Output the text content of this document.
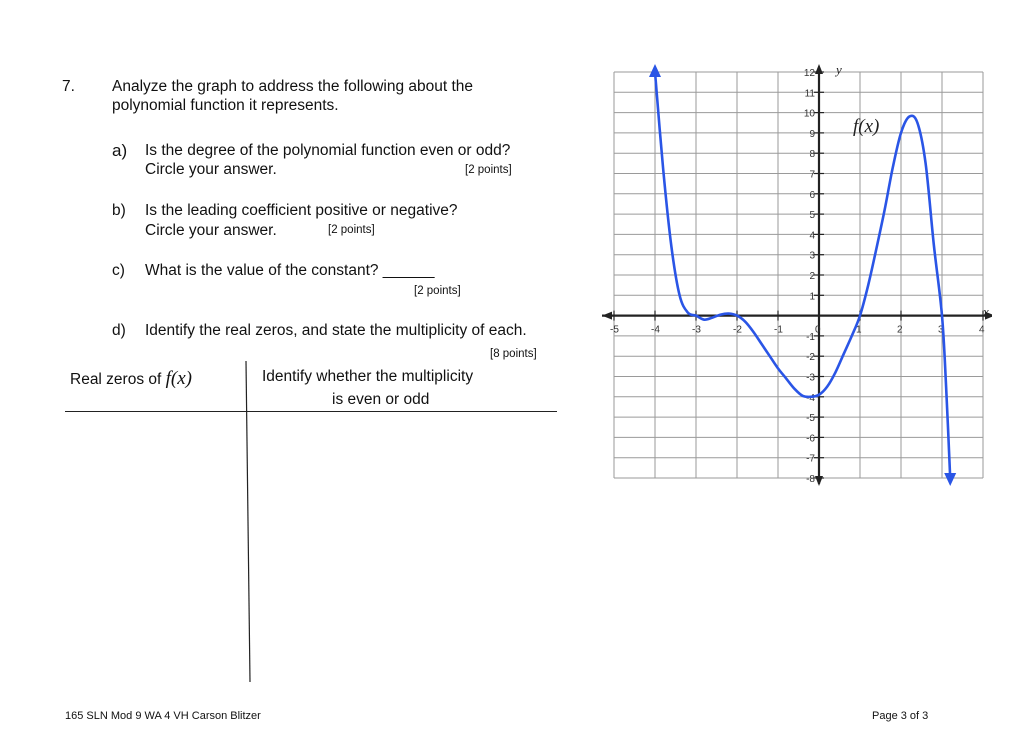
7. Analyze the graph to address the following about the
polynomial function it represents.
a) Is the degree of the polynomial function even or odd?
Circle your answer.	[2 points]
b) Is the leading coefficient positive or negative?
Circle your answer.	[2 points]
c) What is the value of the constant? ______
[2 points]
d) Identify the real zeros, and state the multiplicity of each.
[8 points]
Real zeros of f(x)	Identify whether the multiplicity
is even or odd
-5	-4	-3	-2	-1	0	1	2	3	4
12
11
10
9
8
7
6
5
4
3
2
1
-1
-2
-3
-4
-5
-6
-7
-8
f(x)
x
y
165 SLN Mod 9 WA 4 VH Carson Blitzer	Page 3 of 3
